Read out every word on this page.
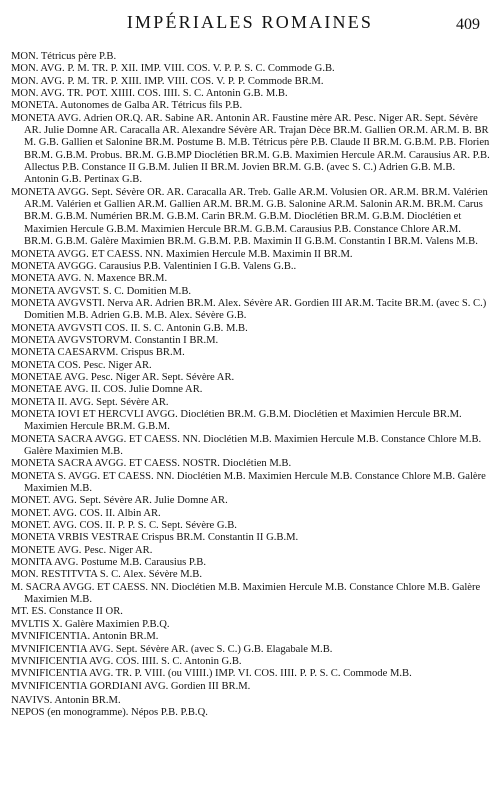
IMPÉRIALES ROMAINES	409

MON. Tétricus père P.B.

MON. AVG. P. M. TR. P. XII. IMP. VIII. COS. V. P. P. S. C. Commode G.B.

MON. AVG. P. M. TR. P. XIII. IMP. VIII. COS. V. P. P. Commode BR.M.

MON. AVG. TR. POT. XIIII. COS. IIII. S. C. Antonin G.B. M.B.

MONETA. Autonomes de Galba AR. Tétricus fils P.B.

MONETA AVG. Adrien OR.Q. AR. Sabine AR. Antonin AR. Faustine mère AR. Pesc. Niger AR. Sept. Sévère AR. Julie Domne AR. Caracalla AR. Alexandre Sévère AR. Trajan Dèce BR.M. Gallien OR.M. AR.M. B. BR M. G.B. Gallien et Salonine BR.M. Postume B. M.B. Tétricus père P.B. Claude II BR.M. G.B.M. P.B. Florien BR.M. G.B.M. Probus. BR.M. G.B.MP Dioclétien BR.M. G.B. Maximien Hercule AR.M. Carausius AR. P.B. Allectus P.B. Constance II G.B.M. Julien II BR.M. Jovien BR.M. G.B. (avec S. C.) Adrien G.B. M.B. Antonin G.B. Pertinax G.B.

MONETA AVGG. Sept. Sévère OR. AR. Caracalla AR. Treb. Galle AR.M. Volusien OR. AR.M. BR.M. Valérien AR.M. Valérien et Gallien AR.M. Gallien AR.M. BR.M. G.B. Salonine AR.M. Salonin AR.M. BR.M. Carus BR.M. G.B.M. Numérien BR.M. G.B.M. Carin BR.M. G.B.M. Dioclétien BR.M. G.B.M. Dioclétien et Maximien Hercule G.B.M. Maximien Hercule BR.M. G.B.M. Carausius P.B. Constance Chlore AR.M. BR.M. G.B.M. Galère Maximien BR.M. G.B.M. P.B. Maximin II G.B.M. Constantin I BR.M. Valens M.B.

MONETA AVGG. ET CAESS. NN. Maximien Hercule M.B. Maximin II BR.M.

MONETA AVGGG. Carausius P.B. Valentinien I G.B. Valens G.B..

MONETA AVG. N. Maxence BR.M.

MONETA AVGVST. S. C. Domitien M.B.

MONETA AVGVSTI. Nerva AR. Adrien BR.M. Alex. Sévère AR. Gordien III AR.M. Tacite BR.M. (avec S. C.) Domitien M.B. Adrien G.B. M.B. Alex. Sévère G.B.

MONETA AVGVSTI COS. II. S. C. Antonin G.B. M.B.

MONETA AVGVSTORVM. Constantin I BR.M.

MONETA CAESARVM. Crispus BR.M.

MONETA COS. Pesc. Niger AR.

MONETAE AVG. Pesc. Niger AR. Sept. Sévère AR.

MONETAE AVG. II. COS. Julie Domne AR.

MONETA II. AVG. Sept. Sévère AR.

MONETA IOVI ET HERCVLI AVGG. Dioclétien BR.M. G.B.M. Dioclétien et Maximien Hercule BR.M. Maximien Hercule BR.M. G.B.M.

MONETA SACRA AVGG. ET CAESS. NN. Dioclétien M.B. Maximien Hercule M.B. Constance Chlore M.B. Galère Maximien M.B.

MONETA SACRA AVGG. ET CAESS. NOSTR. Dioclétien M.B.

MONETA S. AVGG. ET CAESS. NN. Dioclétien M.B. Maximien Hercule M.B. Constance Chlore M.B. Galère Maximien M.B.

MONET. AVG. Sept. Sévère AR. Julie Domne AR.

MONET. AVG. COS. II. Albin AR.

MONET. AVG. COS. II. P. P. S. C. Sept. Sévère G.B.

MONETA VRBIS VESTRAE Crispus BR.M. Constantin II G.B.M.

MONETE AVG. Pesc. Niger AR.

MONITA AVG. Postume M.B. Carausius P.B.

MON. RESTITVTA S. C. Alex. Sévère M.B.

M. SACRA AVGG. ET CAESS. NN. Dioclétien M.B. Maximien Hercule M.B. Constance Chlore M.B. Galère Maximien M.B.

MT. ES. Constance II OR.

MVLTIS X. Galère Maximien P.B.Q.

MVNIFICENTIA. Antonin BR.M.

MVNIFICENTIA AVG. Sept. Sévère AR. (avec S. C.) G.B. Elagabale M.B.

MVNIFICENTIA AVG. COS. IIII. S. C. Antonin G.B.

MVNIFICENTIA AVG. TR. P. VIII. (ou VIIII.) IMP. VI. COS. IIII. P. P. S. C. Commode M.B.

MVNIFICENTIA GORDIANI AVG. Gordien III BR.M.

NAVIVS. Antonin BR.M.

NEPOS (en monogramme). Népos P.B. P.B.Q.
